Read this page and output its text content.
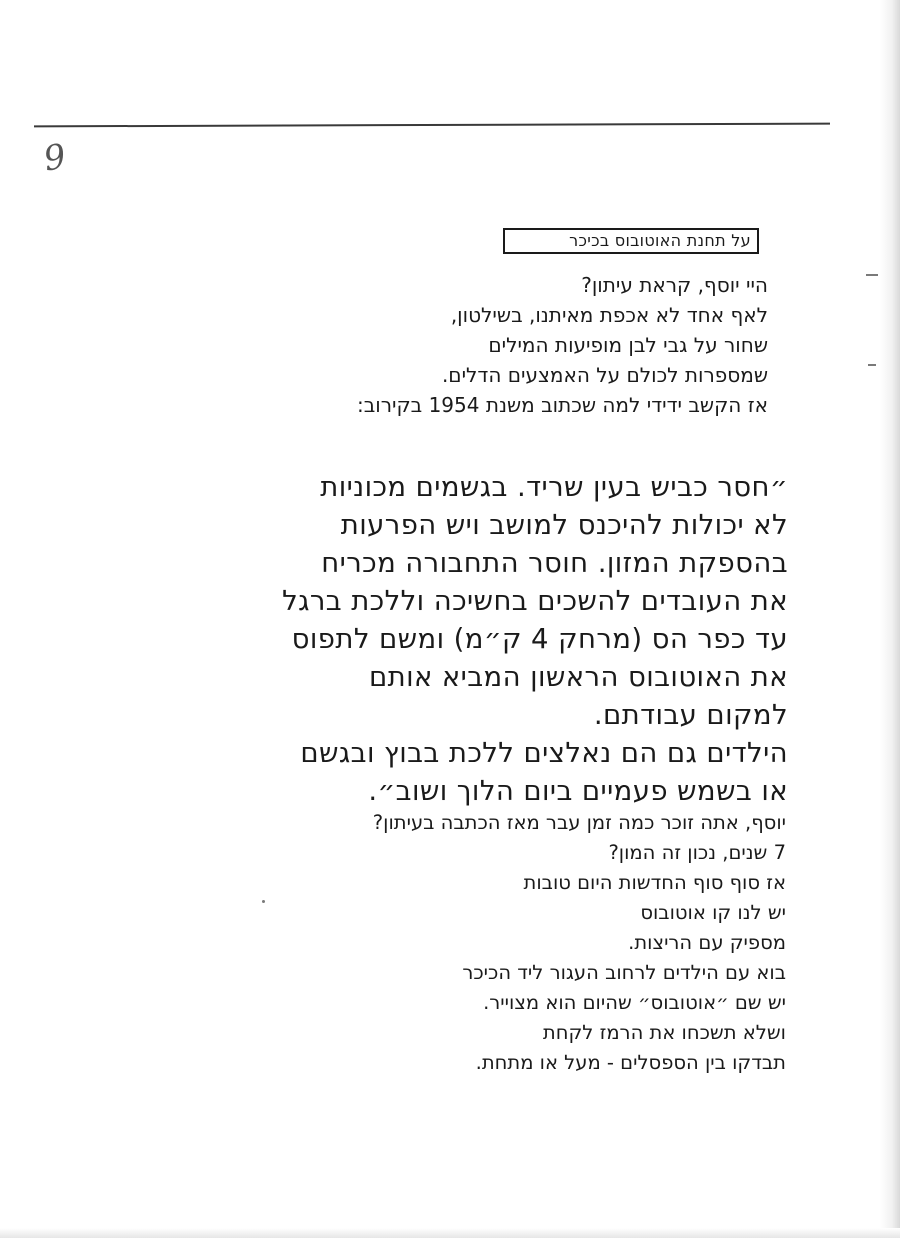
9
על תחנת האוטובוס בכיכר
היי יוסף, קראת עיתון?
לאף אחד לא אכפת מאיתנו, בשילטון,
שחור על גבי לבן מופיעות המילים
שמספרות לכולם על האמצעים הדלים.
אז הקשב ידידי למה שכתוב משנת 1954 בקירוב:
״חסר כביש בעין שריד. בגשמים מכוניות
לא יכולות להיכנס למושב ויש הפרעות
בהספקת המזון. חוסר התחבורה מכריח
את העובדים להשכים בחשיכה וללכת ברגל
עד כפר הס (מרחק 4 ק״מ) ומשם לתפוס
את האוטובוס הראשון המביא אותם
למקום עבודתם.
הילדים גם הם נאלצים ללכת בבוץ ובגשם
או בשמש פעמיים ביום הלוך ושוב״.
יוסף, אתה זוכר כמה זמן עבר מאז הכתבה בעיתון?
7 שנים, נכון זה המון?
אז סוף סוף החדשות היום טובות
יש לנו קו אוטובוס
מספיק עם הריצות.
בוא עם הילדים לרחוב העגור ליד הכיכר
יש שם ״אוטובוס״ שהיום הוא מצוייר.
ושלא תשכחו את הרמז לקחת
תבדקו בין הספסלים - מעל או מתחת.
